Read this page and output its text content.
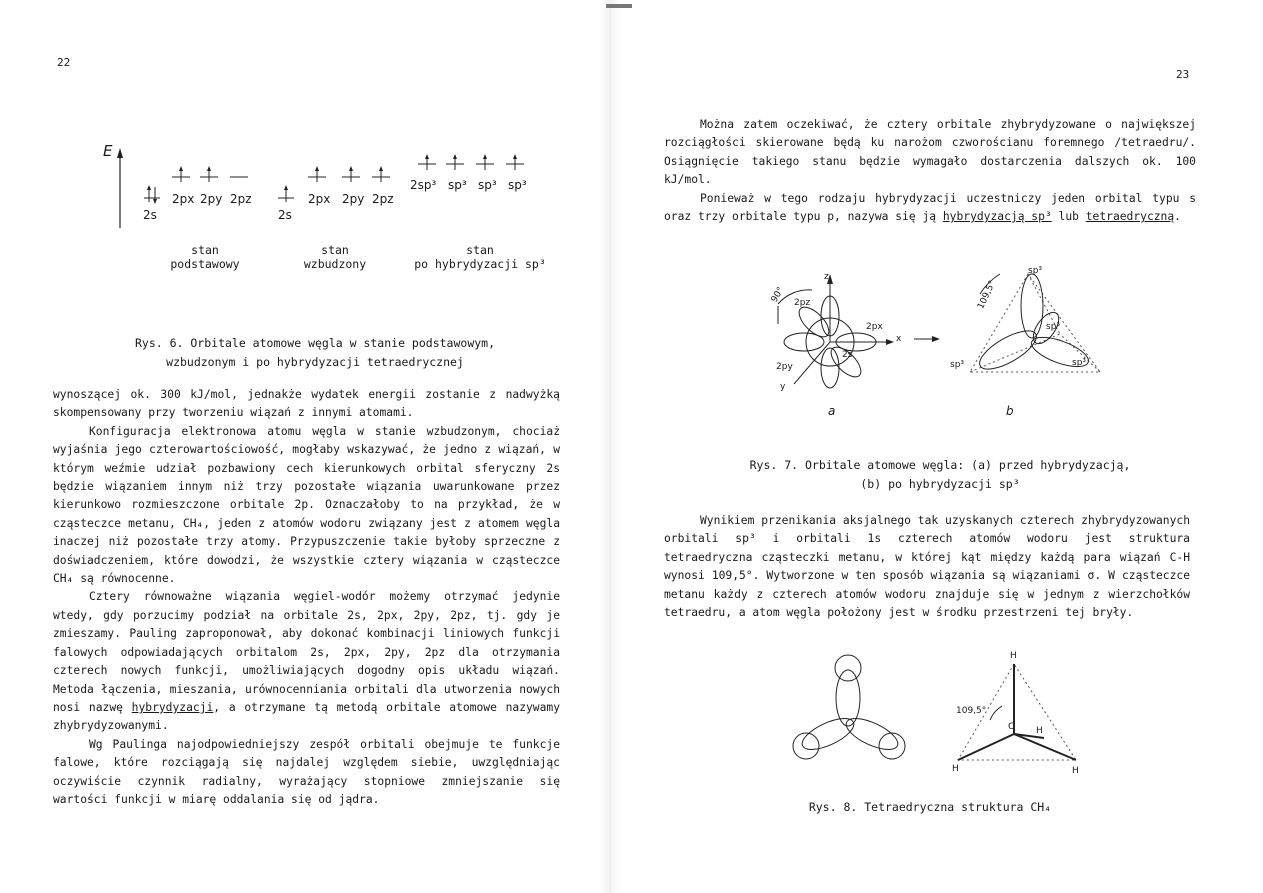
22
E
2s
2px 2py 2pz
2s
2px 2py 2pz
2sp³ sp³ sp³ sp³
stan
podstawowy
stan
wzbudzony
stan
po hybrydyzacji sp³
Rys. 6. Orbitale atomowe węgla w stanie podstawowym,
wzbudzonym i po hybrydyzacji tetraedrycznej

wynoszącej ok. 300 kJ/mol, jednakże wydatek energii zostanie z nadwyżką skompensowany przy tworzeniu wiązań z innymi atomami.

Konfiguracja elektronowa atomu węgla w stanie wzbudzonym, chociaż wyjaśnia jego czterowartościowość, mogłaby wskazywać, że jedno z wiązań, w którym weźmie udział pozbawiony cech kierunkowych orbital sferyczny 2s będzie wiązaniem innym niż trzy pozostałe wiązania uwarunkowane przez kierunkowo rozmieszczone orbitale 2p. Oznaczałoby to na przykład, że w cząsteczce metanu, CH₄, jeden z atomów wodoru związany jest z atomem węgla inaczej niż pozostałe trzy atomy. Przypuszczenie takie byłoby sprzeczne z doświadczeniem, które dowodzi, że wszystkie cztery wiązania w cząsteczce CH₄ są równocenne.

Cztery równoważne wiązania węgiel-wodór możemy otrzymać jedynie wtedy, gdy porzucimy podział na orbitale 2s, 2px, 2py, 2pz, tj. gdy je zmieszamy. Pauling zaproponował, aby dokonać kombinacji liniowych funkcji falowych odpowiadających orbitalom 2s, 2px, 2py, 2pz dla otrzymania czterech nowych funkcji, umożliwiających dogodny opis układu wiązań. Metoda łączenia, mieszania, urównocenniania orbitali dla utworzenia nowych nosi nazwę hybrydyzacji, a otrzymane tą metodą orbitale atomowe nazywamy zhybrydyzowanymi.

Wg Paulinga najodpowiedniejszy zespół orbitali obejmuje te funkcje falowe, które rozciągają się najdalej względem siebie, uwzględniając oczywiście czynnik radialny, wyrażający stopniowe zmniejszanie się wartości funkcji w miarę oddalania się od jądra.

23

Można zatem oczekiwać, że cztery orbitale zhybrydyzowane o największej rozciągłości skierowane będą ku narożom czworościanu foremnego /tetraedru/. Osiągnięcie takiego stanu będzie wymagało dostarczenia dalszych ok. 100 kJ/mol.

Ponieważ w tego rodzaju hybrydyzacji uczestniczy jeden orbital typu s oraz trzy orbitale typu p, nazywa się ją hybrydyzacją sp³ lub tetraedryczną.

z
90° 2pz
2px
x
2s
2py
y
sp³
109,5°
sp³
sp³	sp³
a	b
Rys. 7. Orbitale atomowe węgla: (a) przed hybrydyzacją,
(b) po hybrydyzacji sp³

Wynikiem przenikania aksjalnego tak uzyskanych czterech zhybrydyzowanych orbitali sp³ i orbitali 1s czterech atomów wodoru jest struktura tetraedryczna cząsteczki metanu, w której kąt między każdą para wiązań C-H wynosi 109,5°. Wytworzone w ten sposób wiązania są wiązaniami σ. W cząsteczce metanu każdy z czterech atomów wodoru znajduje się w jednym z wierzchołków tetraedru, a atom węgla położony jest w środku przestrzeni tej bryły.

H
109,5°
C H
H	H
Rys. 8. Tetraedryczna struktura CH₄
